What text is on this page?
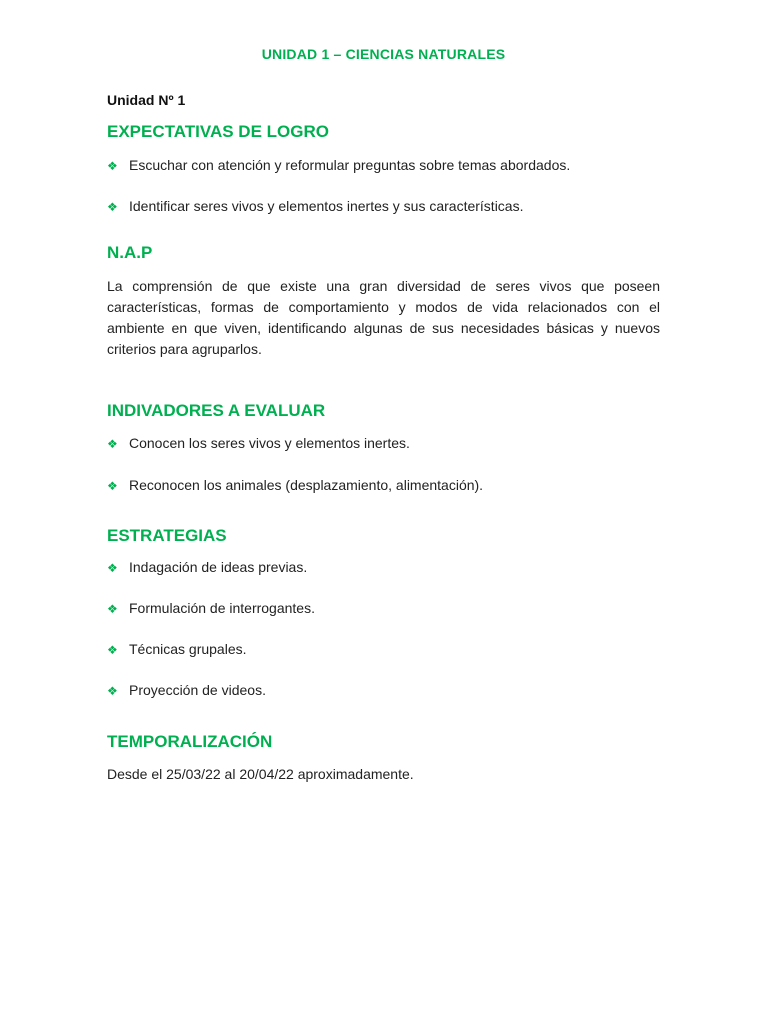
UNIDAD 1 – CIENCIAS NATURALES
Unidad Nº 1
EXPECTATIVAS DE LOGRO
❖ Escuchar con atención y reformular preguntas sobre temas abordados.
❖ Identificar seres vivos y elementos inertes y sus características.
N.A.P
La comprensión de que existe una gran diversidad de seres vivos que poseen características, formas de comportamiento y modos de vida relacionados con el ambiente en que viven, identificando algunas de sus necesidades básicas y nuevos criterios para agruparlos.
INDIVADORES A EVALUAR
❖ Conocen los seres vivos y elementos inertes.
❖ Reconocen los animales (desplazamiento, alimentación).
ESTRATEGIAS
❖ Indagación de ideas previas.
❖ Formulación de interrogantes.
❖ Técnicas grupales.
❖ Proyección de videos.
TEMPORALIZACIÓN
Desde el 25/03/22 al 20/04/22 aproximadamente.
